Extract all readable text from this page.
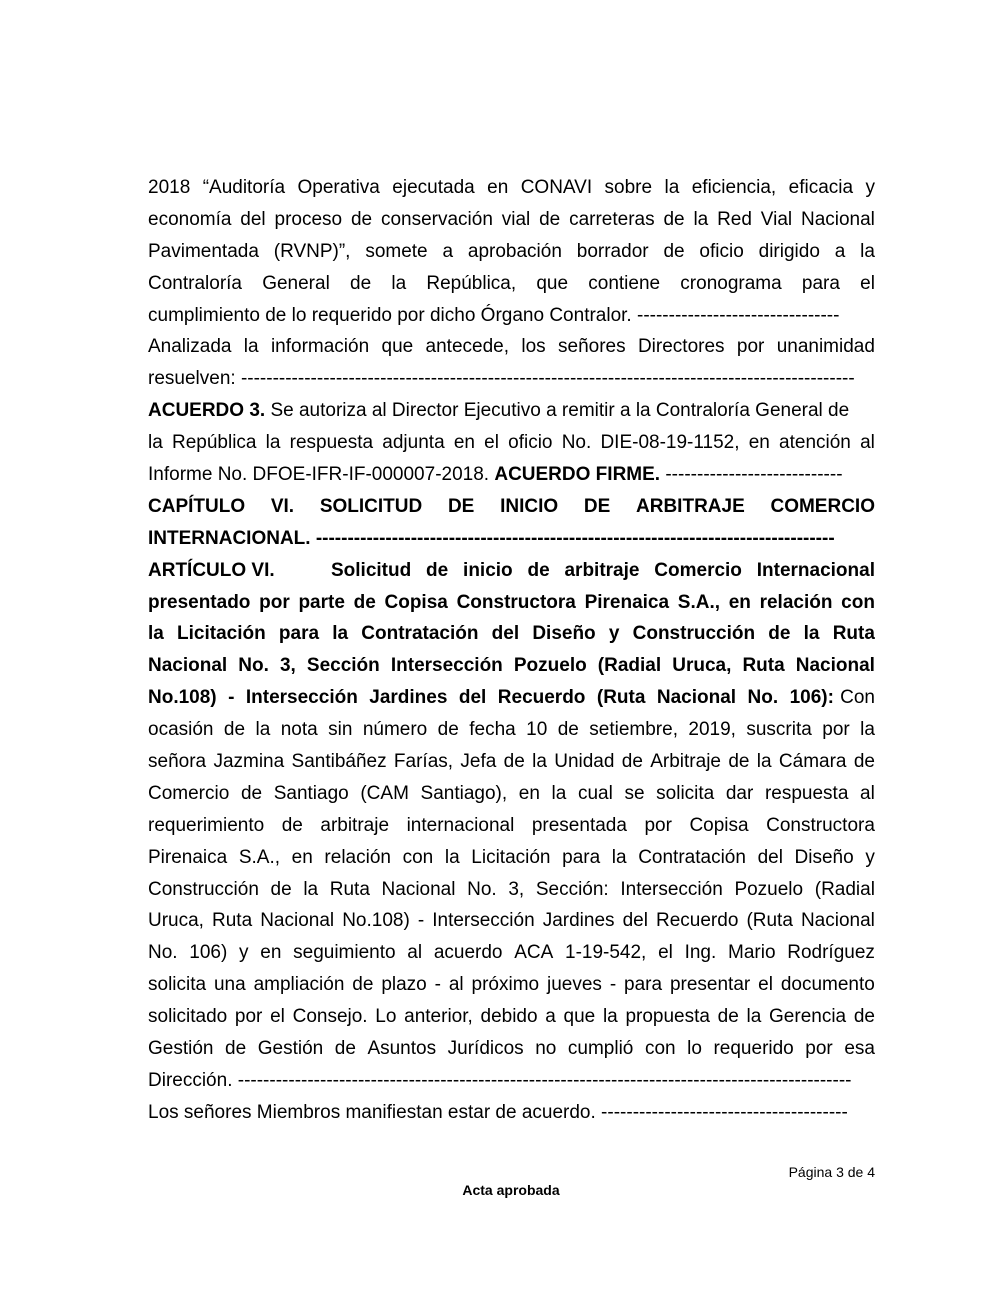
2018 “Auditoría Operativa ejecutada en CONAVI sobre la eficiencia, eficacia y
economía del proceso de conservación vial de carreteras de la Red Vial Nacional
Pavimentada (RVNP)”, somete a aprobación borrador de oficio dirigido a la
Contraloría General de la República, que contiene cronograma para el
cumplimiento de lo requerido por dicho Órgano Contralor. --------------------------------
Analizada la información que antecede, los señores Directores por unanimidad
resuelven: -------------------------------------------------------------------------------------------------
ACUERDO 3. Se autoriza al Director Ejecutivo a remitir a la Contraloría General de
la República la respuesta adjunta en el oficio No. DIE-08-19-1152, en atención al
Informe No. DFOE-IFR-IF-000007-2018. ACUERDO FIRME. ----------------------------
CAPÍTULO VI. SOLICITUD DE INICIO DE ARBITRAJE COMERCIO
INTERNACIONAL. ----------------------------------------------------------------------------------
ARTÍCULO VI.	Solicitud de inicio de arbitraje Comercio Internacional
presentado por parte de Copisa Constructora Pirenaica S.A., en relación con
la Licitación para la Contratación del Diseño y Construcción de la Ruta
Nacional No. 3, Sección Intersección Pozuelo (Radial Uruca, Ruta Nacional
No.108) - Intersección Jardines del Recuerdo (Ruta Nacional No. 106): Con
ocasión de la nota sin número de fecha 10 de setiembre, 2019, suscrita por la
señora Jazmina Santibáñez Farías, Jefa de la Unidad de Arbitraje de la Cámara de
Comercio de Santiago (CAM Santiago), en la cual se solicita dar respuesta al
requerimiento de arbitraje internacional presentada por Copisa Constructora
Pirenaica S.A., en relación con la Licitación para la Contratación del Diseño y
Construcción de la Ruta Nacional No. 3, Sección: Intersección Pozuelo (Radial
Uruca, Ruta Nacional No.108) - Intersección Jardines del Recuerdo (Ruta Nacional
No. 106) y en seguimiento al acuerdo ACA 1-19-542, el Ing. Mario Rodríguez
solicita una ampliación de plazo - al próximo jueves - para presentar el documento
solicitado por el Consejo. Lo anterior, debido a que la propuesta de la Gerencia de
Gestión de Gestión de Asuntos Jurídicos no cumplió con lo requerido por esa
Dirección. -------------------------------------------------------------------------------------------------
Los señores Miembros manifiestan estar de acuerdo. ---------------------------------------
Página 3 de 4
Acta aprobada
